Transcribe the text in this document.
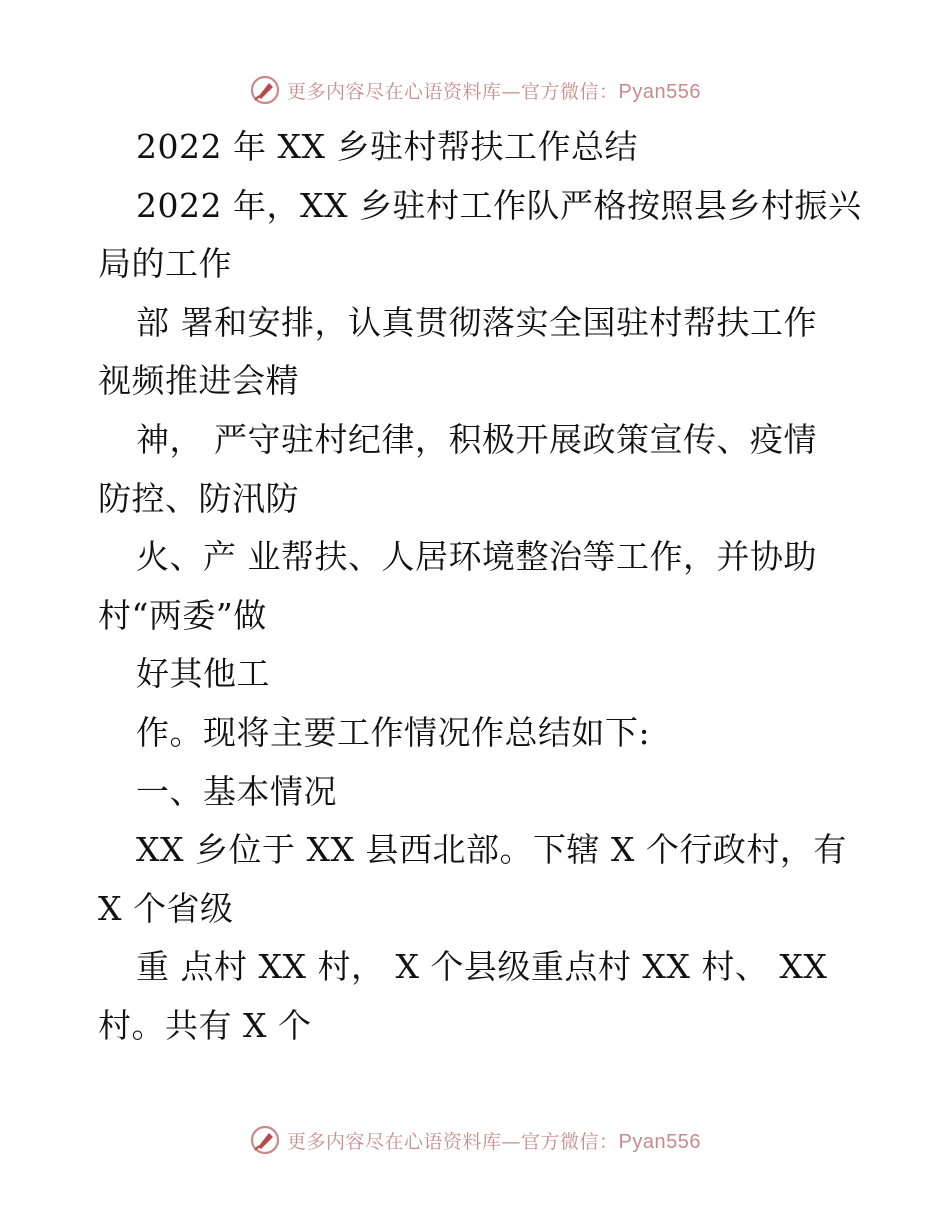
更多内容尽在心语资料库—官方微信：Pyan556
2022 年 XX 乡驻村帮扶工作总结
2022 年，XX 乡驻村工作队严格按照县乡村振兴
局的工作
部 署和安排，认真贯彻落实全国驻村帮扶工作
视频推进会精
神， 严守驻村纪律，积极开展政策宣传、疫情
防控、防汛防
火、产 业帮扶、人居环境整治等工作，并协助
村“两委”做
好其他工
作。现将主要工作情况作总结如下:
一、基本情况
XX 乡位于 XX 县西北部。下辖 X 个行政村，有
X 个省级
重 点村 XX 村， X 个县级重点村 XX 村、 XX
村。共有 X 个
更多内容尽在心语资料库—官方微信：Pyan556
